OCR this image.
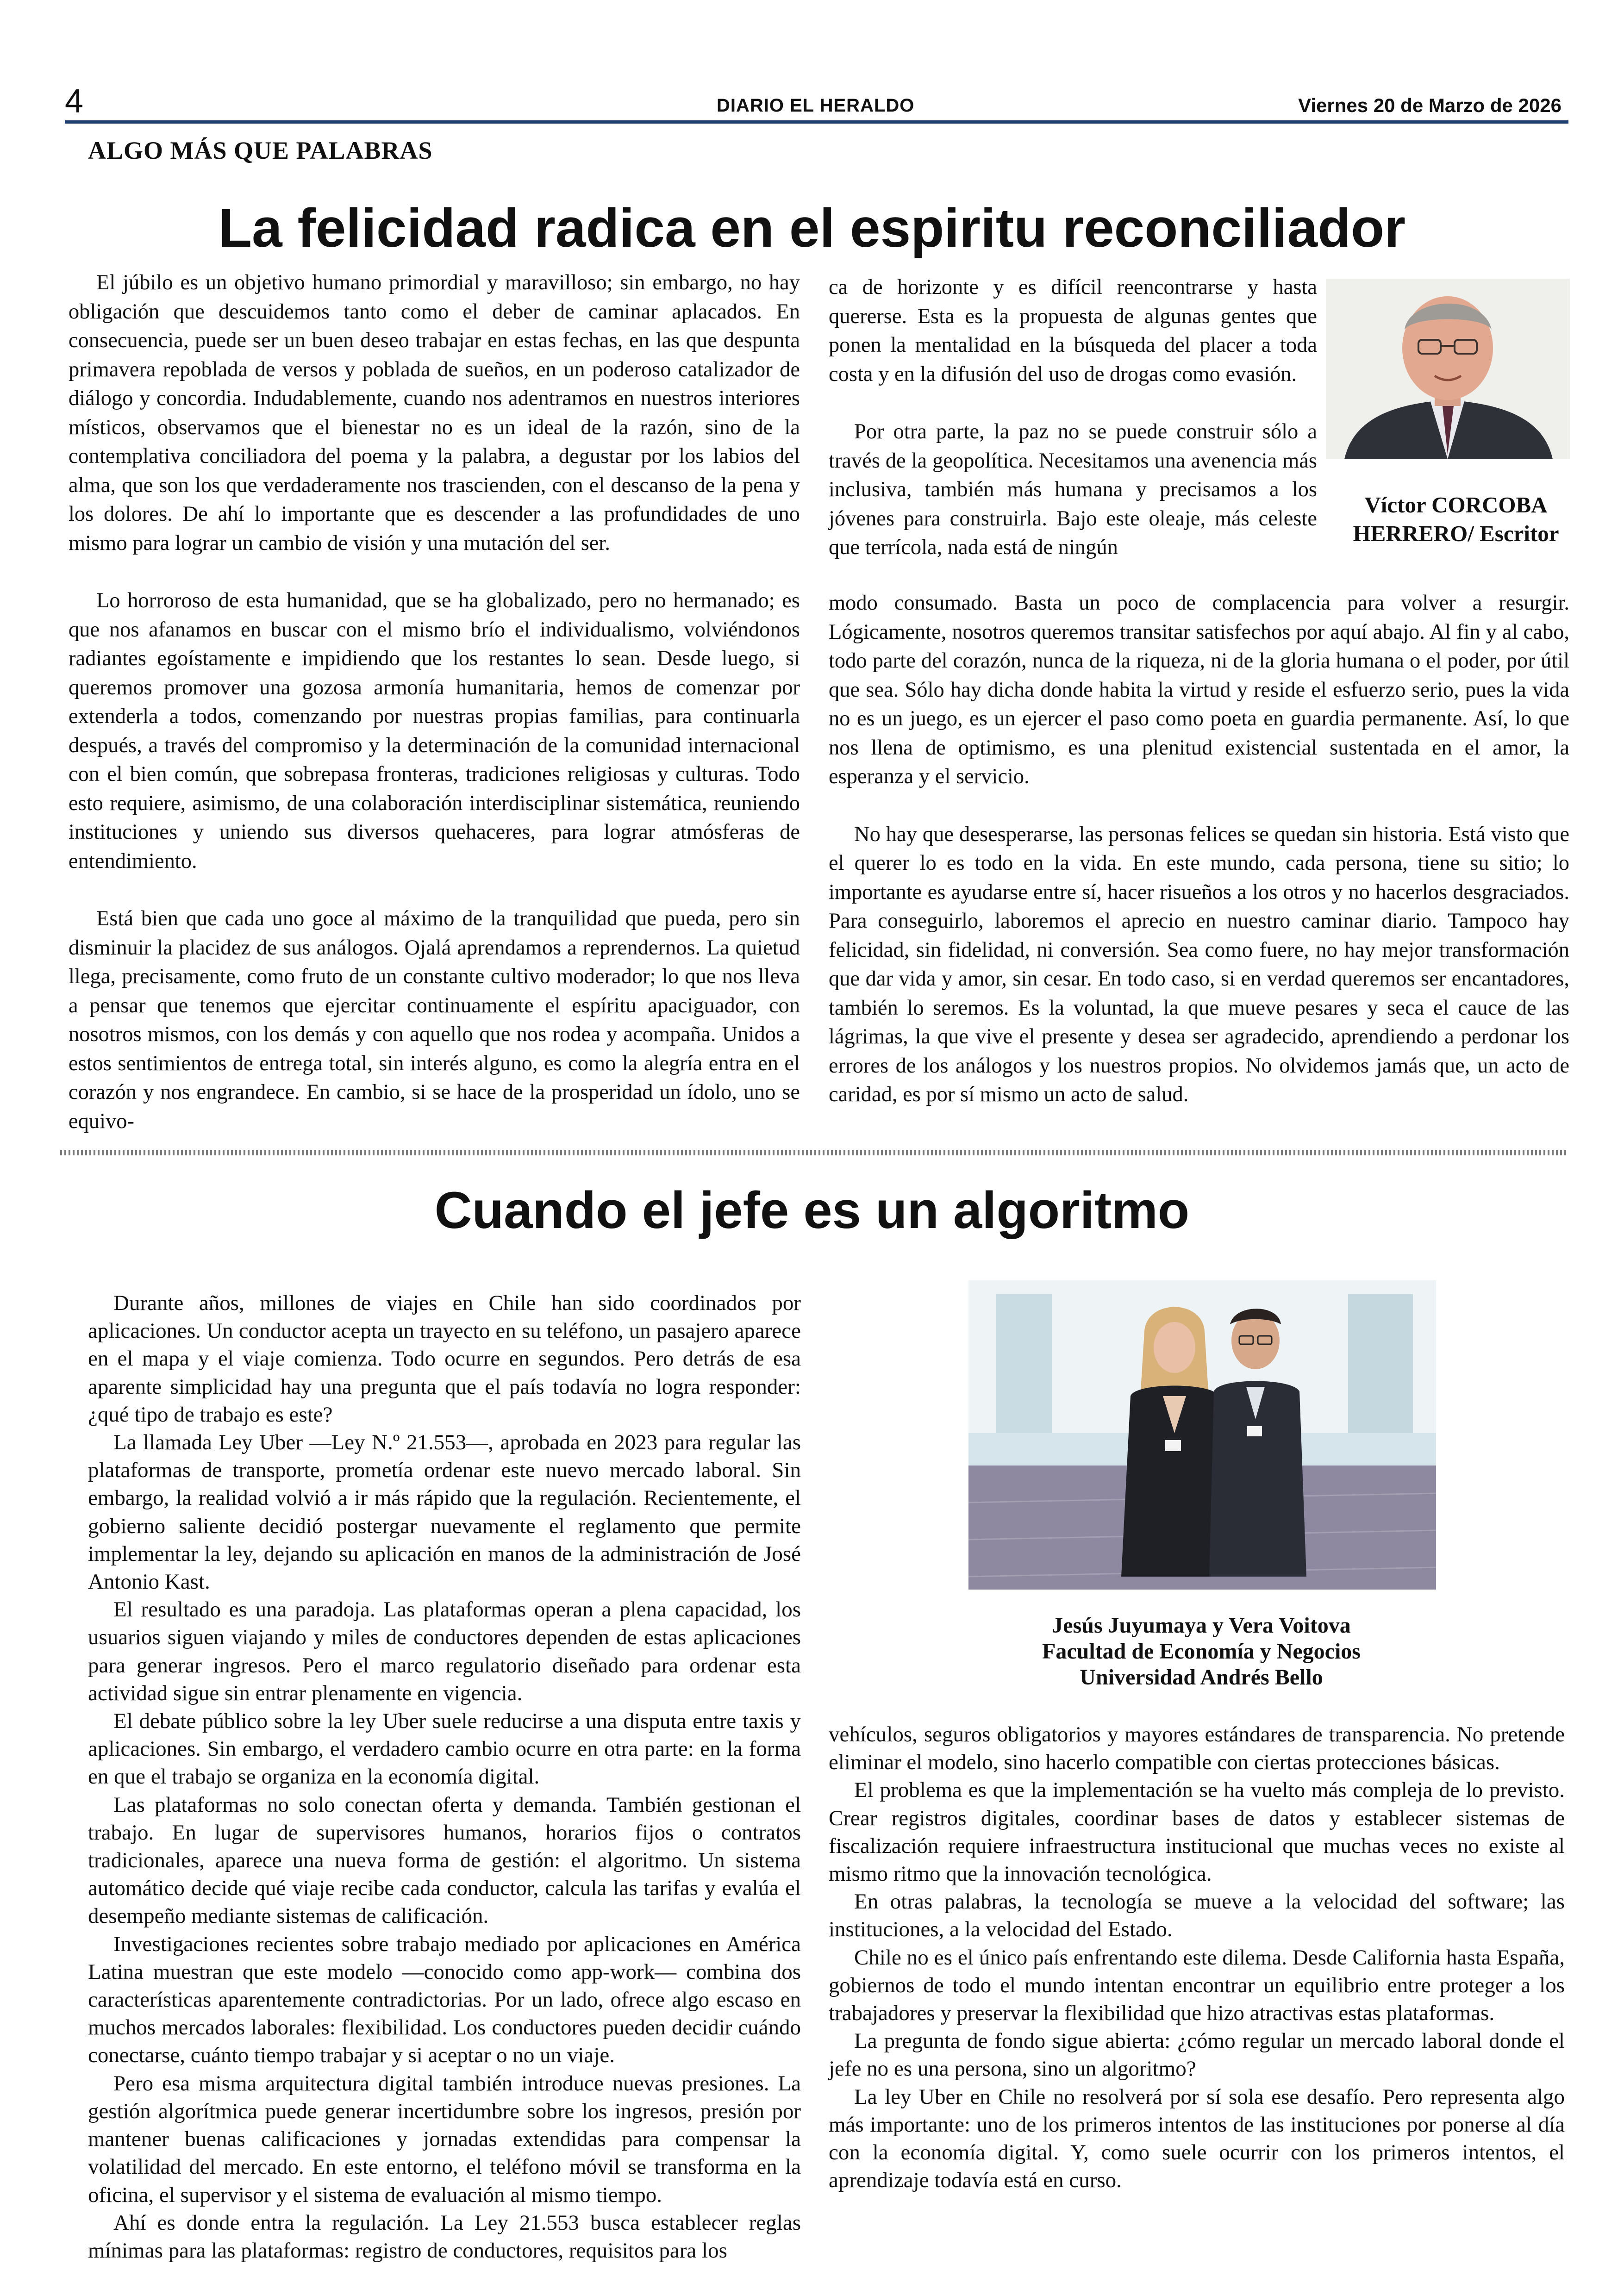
4	DIARIO EL HERALDO	Viernes 20 de Marzo de 2026
ALGO MÁS QUE PALABRAS
La felicidad radica en el espiritu reconciliador

El júbilo es un objetivo humano primordial y maravilloso; sin embargo, no hay obligación que descuidemos tanto como el deber de caminar aplacados. En consecuencia, puede ser un buen deseo trabajar en estas fechas, en las que despunta primavera repoblada de versos y poblada de sueños, en un poderoso catalizador de diálogo y concordia. Indudablemente, cuando nos adentramos en nuestros interiores místicos, observamos que el bienestar no es un ideal de la razón, sino de la contemplativa conciliadora del poema y la palabra, a degustar por los labios del alma, que son los que verdaderamente nos trascienden, con el descanso de la pena y los dolores. De ahí lo importante que es descender a las profundidades de uno mismo para lograr un cambio de visión y una mutación del ser.

Lo horroroso de esta humanidad, que se ha globalizado, pero no hermanado; es que nos afanamos en buscar con el mismo brío el individualismo, volviéndonos radiantes egoístamente e impidiendo que los restantes lo sean. Desde luego, si queremos promover una gozosa armonía humanitaria, hemos de comenzar por extenderla a todos, comenzando por nuestras propias familias, para continuarla después, a través del compromiso y la determinación de la comunidad internacional con el bien común, que sobrepasa fronteras, tradiciones religiosas y culturas. Todo esto requiere, asimismo, de una colaboración interdisciplinar sistemática, reuniendo instituciones y uniendo sus diversos quehaceres, para lograr atmósferas de entendimiento.

Está bien que cada uno goce al máximo de la tranquilidad que pueda, pero sin disminuir la placidez de sus análogos. Ojalá aprendamos a reprendernos. La quietud llega, precisamente, como fruto de un constante cultivo moderador; lo que nos lleva a pensar que tenemos que ejercitar continuamente el espíritu apaciguador, con nosotros mismos, con los demás y con aquello que nos rodea y acompaña. Unidos a estos sentimientos de entrega total, sin interés alguno, es como la alegría entra en el corazón y nos engrandece. En cambio, si se hace de la prosperidad un ídolo, uno se equivo-

ca de horizonte y es difícil reencontrarse y hasta quererse. Esta es la propuesta de algunas gentes que ponen la mentalidad en la búsqueda del placer a toda costa y en la difusión del uso de drogas como evasión.

Por otra parte, la paz no se puede construir sólo a través de la geopolítica. Necesitamos una avenencia más inclusiva, también más humana y precisamos a los jóvenes para construirla. Bajo este oleaje, más celeste que terrícola, nada está de ningún

Víctor CORCOBA
HERRERO/ Escritor

modo consumado. Basta un poco de complacencia para volver a resurgir. Lógicamente, nosotros queremos transitar satisfechos por aquí abajo. Al fin y al cabo, todo parte del corazón, nunca de la riqueza, ni de la gloria humana o el poder, por útil que sea. Sólo hay dicha donde habita la virtud y reside el esfuerzo serio, pues la vida no es un juego, es un ejercer el paso como poeta en guardia permanente. Así, lo que nos llena de optimismo, es una plenitud existencial sustentada en el amor, la esperanza y el servicio.

No hay que desesperarse, las personas felices se quedan sin historia. Está visto que el querer lo es todo en la vida. En este mundo, cada persona, tiene su sitio; lo importante es ayudarse entre sí, hacer risueños a los otros y no hacerlos desgraciados. Para conseguirlo, laboremos el aprecio en nuestro caminar diario. Tampoco hay felicidad, sin fidelidad, ni conversión. Sea como fuere, no hay mejor transformación que dar vida y amor, sin cesar. En todo caso, si en verdad queremos ser encantadores, también lo seremos. Es la voluntad, la que mueve pesares y seca el cauce de las lágrimas, la que vive el presente y desea ser agradecido, aprendiendo a perdonar los errores de los análogos y los nuestros propios. No olvidemos jamás que, un acto de caridad, es por sí mismo un acto de salud.

Cuando el jefe es un algoritmo

Durante años, millones de viajes en Chile han sido coordinados por aplicaciones. Un conductor acepta un trayecto en su teléfono, un pasajero aparece en el mapa y el viaje comienza. Todo ocurre en segundos. Pero detrás de esa aparente simplicidad hay una pregunta que el país todavía no logra responder: ¿qué tipo de trabajo es este?

La llamada Ley Uber —Ley N.º 21.553—, aprobada en 2023 para regular las plataformas de transporte, prometía ordenar este nuevo mercado laboral. Sin embargo, la realidad volvió a ir más rápido que la regulación. Recientemente, el gobierno saliente decidió postergar nuevamente el reglamento que permite implementar la ley, dejando su aplicación en manos de la administración de José Antonio Kast.

El resultado es una paradoja. Las plataformas operan a plena capacidad, los usuarios siguen viajando y miles de conductores dependen de estas aplicaciones para generar ingresos. Pero el marco regulatorio diseñado para ordenar esta actividad sigue sin entrar plenamente en vigencia.

El debate público sobre la ley Uber suele reducirse a una disputa entre taxis y aplicaciones. Sin embargo, el verdadero cambio ocurre en otra parte: en la forma en que el trabajo se organiza en la economía digital.

Las plataformas no solo conectan oferta y demanda. También gestionan el trabajo. En lugar de supervisores humanos, horarios fijos o contratos tradicionales, aparece una nueva forma de gestión: el algoritmo. Un sistema automático decide qué viaje recibe cada conductor, calcula las tarifas y evalúa el desempeño mediante sistemas de calificación.

Investigaciones recientes sobre trabajo mediado por aplicaciones en América Latina muestran que este modelo —conocido como app-work— combina dos características aparentemente contradictorias. Por un lado, ofrece algo escaso en muchos mercados laborales: flexibilidad. Los conductores pueden decidir cuándo conectarse, cuánto tiempo trabajar y si aceptar o no un viaje.

Pero esa misma arquitectura digital también introduce nuevas presiones. La gestión algorítmica puede generar incertidumbre sobre los ingresos, presión por mantener buenas calificaciones y jornadas extendidas para compensar la volatilidad del mercado. En este entorno, el teléfono móvil se transforma en la oficina, el supervisor y el sistema de evaluación al mismo tiempo.

Ahí es donde entra la regulación. La Ley 21.553 busca establecer reglas mínimas para las plataformas: registro de conductores, requisitos para los

Jesús Juyumaya y Vera Voitova
Facultad de Economía y Negocios
Universidad Andrés Bello

vehículos, seguros obligatorios y mayores estándares de transparencia. No pretende eliminar el modelo, sino hacerlo compatible con ciertas protecciones básicas.

El problema es que la implementación se ha vuelto más compleja de lo previsto. Crear registros digitales, coordinar bases de datos y establecer sistemas de fiscalización requiere infraestructura institucional que muchas veces no existe al mismo ritmo que la innovación tecnológica.

En otras palabras, la tecnología se mueve a la velocidad del software; las instituciones, a la velocidad del Estado.

Chile no es el único país enfrentando este dilema. Desde California hasta España, gobiernos de todo el mundo intentan encontrar un equilibrio entre proteger a los trabajadores y preservar la flexibilidad que hizo atractivas estas plataformas.

La pregunta de fondo sigue abierta: ¿cómo regular un mercado laboral donde el jefe no es una persona, sino un algoritmo?

La ley Uber en Chile no resolverá por sí sola ese desafío. Pero representa algo más importante: uno de los primeros intentos de las instituciones por ponerse al día con la economía digital. Y, como suele ocurrir con los primeros intentos, el aprendizaje todavía está en curso.
